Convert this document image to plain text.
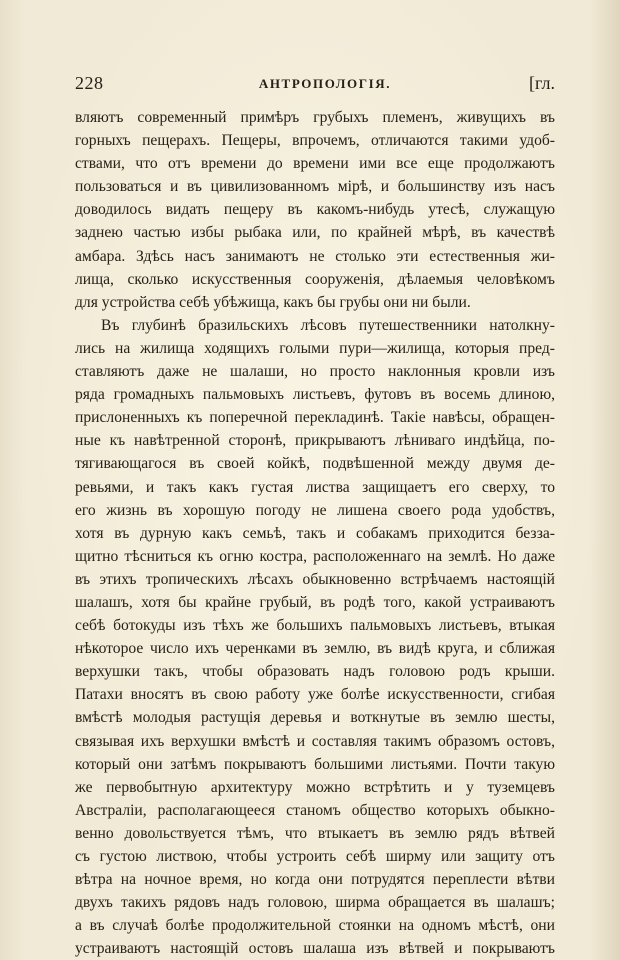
228	АНТРОПОЛОГІЯ.	[гл.
вляютъ современный примѣръ грубыхъ племенъ, живущихъ въ
горныхъ пещерахъ. Пещеры, впрочемъ, отличаются такими удоб-
ствами, что отъ времени до времени ими все еще продолжаютъ
пользоваться и въ цивилизованномъ мірѣ, и большинству изъ насъ
доводилось видать пещеру въ какомъ-нибудь утесѣ, служащую
заднею частью избы рыбака или, по крайней мѣрѣ, въ качествѣ
амбара. Здѣсь насъ занимаютъ не столько эти естественныя жи-
лища, сколько искусственныя сооруженія, дѣлаемыя человѣкомъ
для устройства себѣ убѣжища, какъ бы грубы они ни были.
Въ глубинѣ бразильскихъ лѣсовъ путешественники натолкну-
лись на жилища ходящихъ голыми пури—жилища, которыя пред-
ставляютъ даже не шалаши, но просто наклонныя кровли изъ
ряда громадныхъ пальмовыхъ листьевъ, футовъ въ восемь длиною,
прислоненныхъ къ поперечной перекладинѣ. Такіе навѣсы, обращен-
ные къ навѣтренной сторонѣ, прикрываютъ лѣниваго индѣйца, по-
тягивающагося въ своей койкѣ, подвѣшенной между двумя де-
ревьями, и такъ какъ густая листва защищаетъ его сверху, то
его жизнь въ хорошую погоду не лишена своего рода удобствъ,
хотя въ дурную какъ семьѣ, такъ и собакамъ приходится безза-
щитно тѣсниться къ огню костра, расположеннаго на землѣ. Но даже
въ этихъ тропическихъ лѣсахъ обыкновенно встрѣчаемъ настоящій
шалашъ, хотя бы крайне грубый, въ родѣ того, какой устраиваютъ
себѣ ботокуды изъ тѣхъ же большихъ пальмовыхъ листьевъ, втыкая
нѣкоторое число ихъ черенками въ землю, въ видѣ круга, и сближая
верхушки такъ, чтобы образовать надъ головою родъ крыши.
Патахи вносятъ въ свою работу уже болѣе искусственности, сгибая
вмѣстѣ молодыя растущія деревья и воткнутые въ землю шесты,
связывая ихъ верхушки вмѣстѣ и составляя такимъ образомъ остовъ,
который они затѣмъ покрываютъ большими листьями. Почти такую
же первобытную архитектуру можно встрѣтить и у туземцевъ
Австраліи, располагающееся станомъ общество которыхъ обыкно-
венно довольствуется тѣмъ, что втыкаетъ въ землю рядъ вѣтвей
съ густою листвою, чтобы устроить себѣ ширму или защиту отъ
вѣтра на ночное время, но когда они потрудятся переплести вѣтви
двухъ такихъ рядовъ надъ головою, ширма обращается въ шалашъ;
а въ случаѣ болѣе продолжительной стоянки на одномъ мѣстѣ, они
устраиваютъ настоящій остовъ шалаша изъ вѣтвей и покрываютъ
